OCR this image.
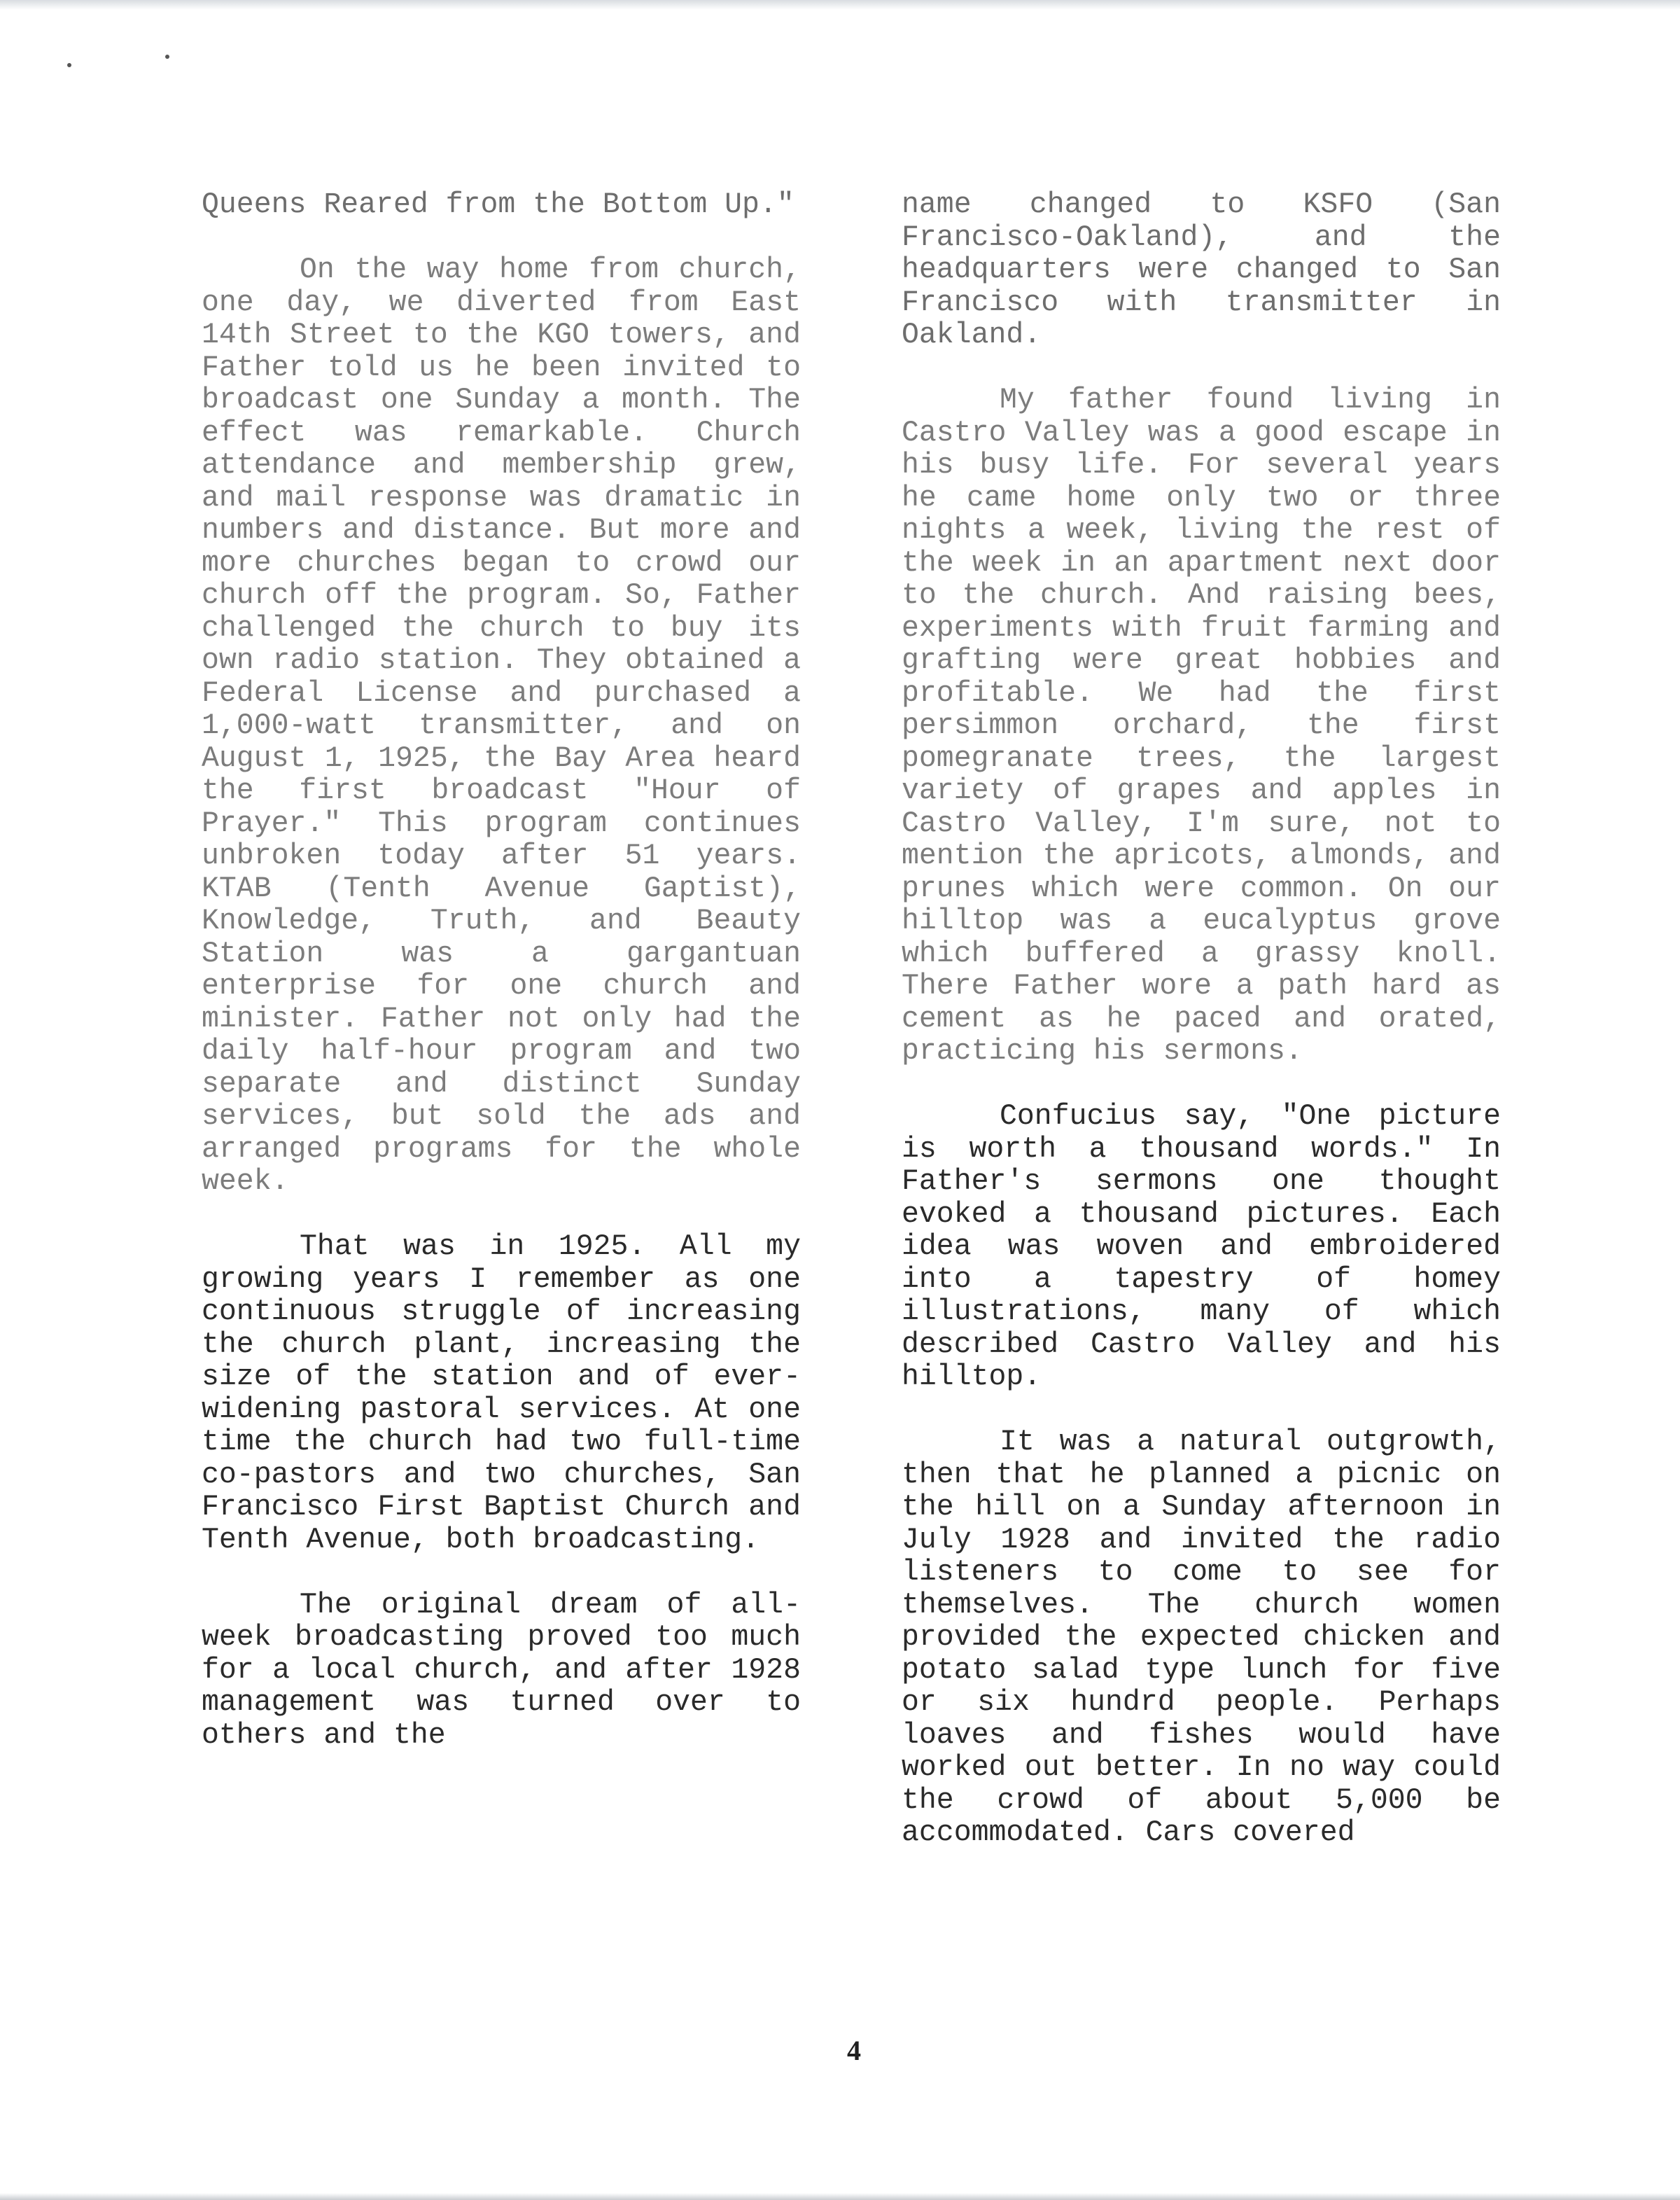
Queens Reared from the Bottom Up."

On the way home from church, one day, we diverted from East 14th Street to the KGO towers, and Father told us he been invited to broadcast one Sunday a month. The effect was remarkable. Church attendance and membership grew, and mail response was dramatic in numbers and distance. But more and more churches began to crowd our church off the program. So, Father challenged the church to buy its own radio station. They obtained a Federal License and purchased a 1,000-watt transmitter, and on August 1, 1925, the Bay Area heard the first broadcast "Hour of Prayer." This program continues unbroken today after 51 years. KTAB (Tenth Avenue Gaptist), Knowledge, Truth, and Beauty Station was a gargantuan enterprise for one church and minister. Father not only had the daily half-hour program and two separate and distinct Sunday services, but sold the ads and arranged programs for the whole week.

That was in 1925. All my growing years I remember as one continuous struggle of increasing the church plant, increasing the size of the station and of ever-widening pastoral services. At one time the church had two full-time co-pastors and two churches, San Francisco First Baptist Church and Tenth Avenue, both broadcasting.

The original dream of all-week broadcasting proved too much for a local church, and after 1928 management was turned over to others and the

name changed to KSFO (San Francisco-Oakland), and the headquarters were changed to San Francisco with transmitter in Oakland.

My father found living in Castro Valley was a good escape in his busy life. For several years he came home only two or three nights a week, living the rest of the week in an apartment next door to the church. And raising bees, experiments with fruit farming and grafting were great hobbies and profitable. We had the first persimmon orchard, the first pomegranate trees, the largest variety of grapes and apples in Castro Valley, I'm sure, not to mention the apricots, almonds, and prunes which were common. On our hilltop was a eucalyptus grove which buffered a grassy knoll. There Father wore a path hard as cement as he paced and orated, practicing his sermons.

Confucius say, "One picture is worth a thousand words." In Father's sermons one thought evoked a thousand pictures. Each idea was woven and embroidered into a tapestry of homey illustrations, many of which described Castro Valley and his hilltop.

It was a natural outgrowth, then that he planned a picnic on the hill on a Sunday afternoon in July 1928 and invited the radio listeners to come to see for themselves. The church women provided the expected chicken and potato salad type lunch for five or six hundrd people. Perhaps loaves and fishes would have worked out better. In no way could the crowd of about 5,000 be accommodated. Cars covered

4
